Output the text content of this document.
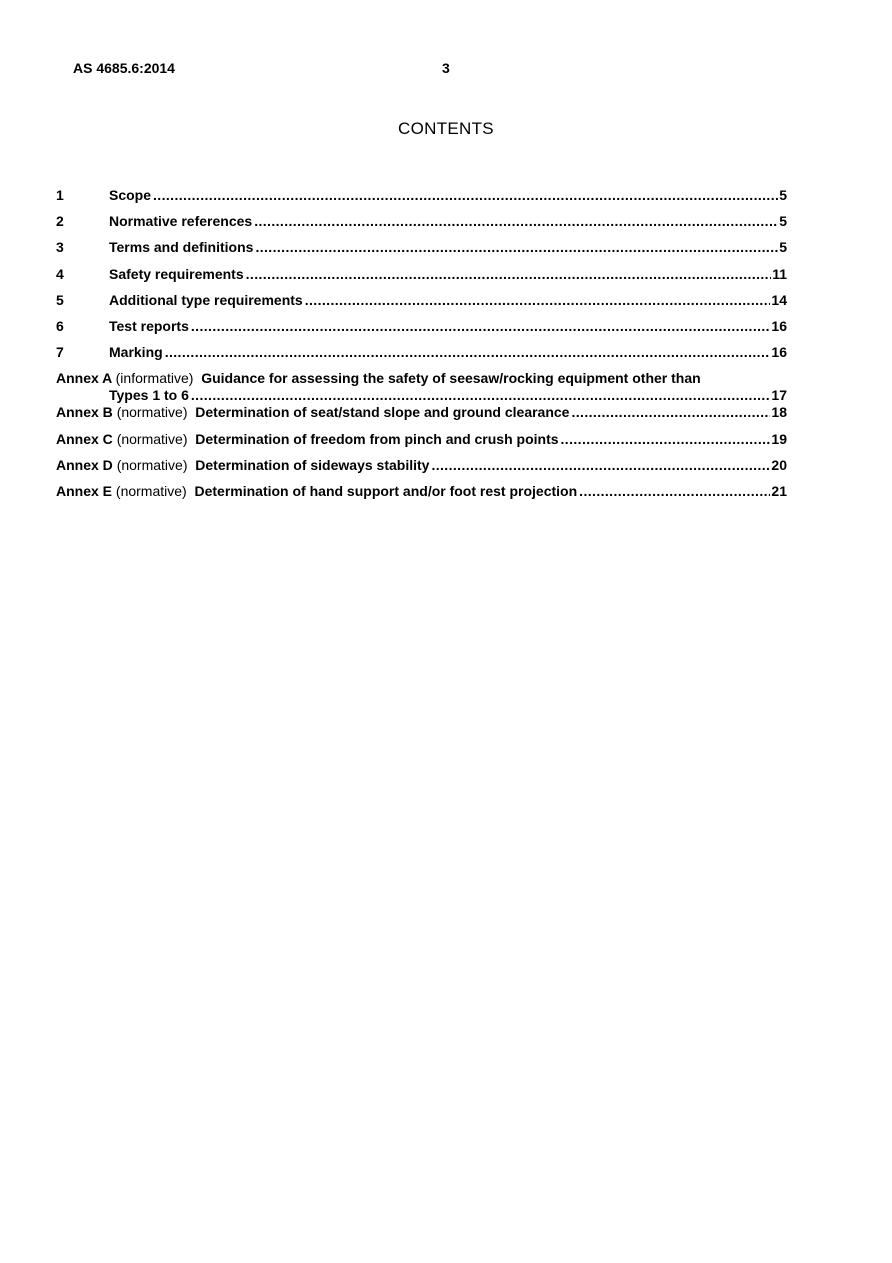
AS 4685.6:2014	3
CONTENTS
1	Scope .....	5
2	Normative references .....	5
3	Terms and definitions .....	5
4	Safety requirements .....	11
5	Additional type requirements .....	14
6	Test reports .....	16
7	Marking .....	16
Annex A (informative) Guidance for assessing the safety of seesaw/rocking equipment other than
Types 1 to 6 .....	17
Annex B (normative) Determination of seat/stand slope and ground clearance .....	18
Annex C (normative) Determination of freedom from pinch and crush points .....	19
Annex D (normative) Determination of sideways stability .....	20
Annex E (normative) Determination of hand support and/or foot rest projection .....	21
